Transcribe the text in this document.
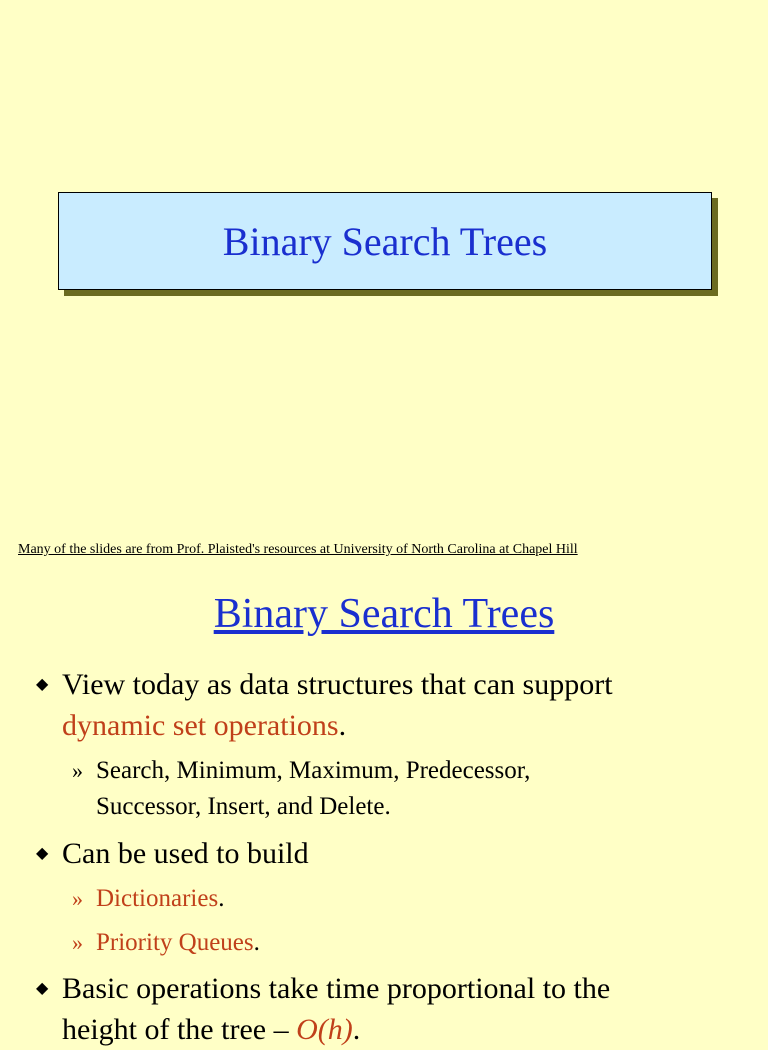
Binary Search Trees
Many of the slides are from Prof. Plaisted's resources at University of North Carolina at Chapel Hill
Binary Search Trees
◆ View today as data structures that can support
dynamic set operations.
» Search, Minimum, Maximum, Predecessor,
Successor, Insert, and Delete.
◆ Can be used to build
» Dictionaries.
» Priority Queues.
◆ Basic operations take time proportional to the
height of the tree – O(h).
